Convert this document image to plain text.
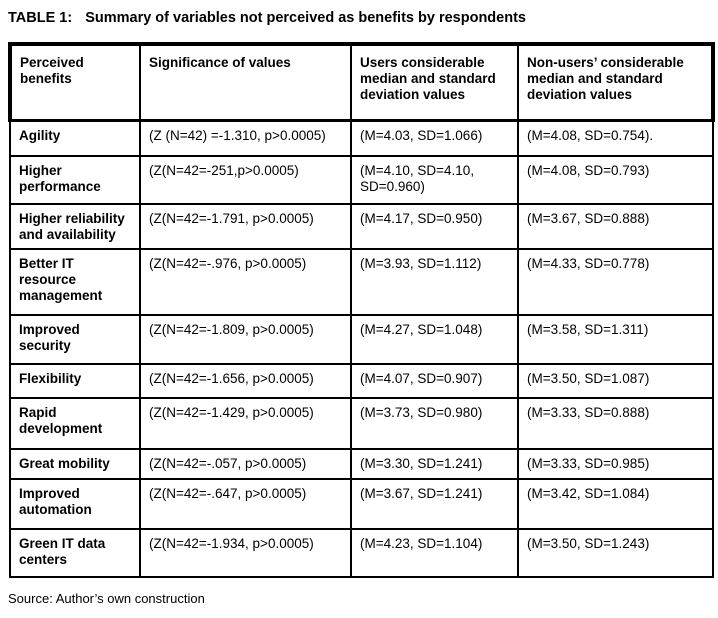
TABLE 1: Summary of variables not perceived as benefits by respondents
Perceived benefits	Significance of values	Users considerable median and standard deviation values	Non-users’ considerable median and standard deviation values
Agility	(Z (N=42) =-1.310, p>0.0005)	(M=4.03, SD=1.066)	(M=4.08, SD=0.754).
Higher performance	(Z(N=42=-251,p>0.0005)	(M=4.10, SD=4.10, SD=0.960)	(M=4.08, SD=0.793)
Higher reliability and availability	(Z(N=42=-1.791, p>0.0005)	(M=4.17, SD=0.950)	(M=3.67, SD=0.888)
Better IT resource management	(Z(N=42=-.976, p>0.0005)	(M=3.93, SD=1.112)	(M=4.33, SD=0.778)
Improved security	(Z(N=42=-1.809, p>0.0005)	(M=4.27, SD=1.048)	(M=3.58, SD=1.311)
Flexibility	(Z(N=42=-1.656, p>0.0005)	(M=4.07, SD=0.907)	(M=3.50, SD=1.087)
Rapid development	(Z(N=42=-1.429, p>0.0005)	(M=3.73, SD=0.980)	(M=3.33, SD=0.888)
Great mobility	(Z(N=42=-.057, p>0.0005)	(M=3.30, SD=1.241)	(M=3.33, SD=0.985)
Improved automation	(Z(N=42=-.647, p>0.0005)	(M=3.67, SD=1.241)	(M=3.42, SD=1.084)
Green IT data centers	(Z(N=42=-1.934, p>0.0005)	(M=4.23, SD=1.104)	(M=3.50, SD=1.243)
Source: Author’s own construction
